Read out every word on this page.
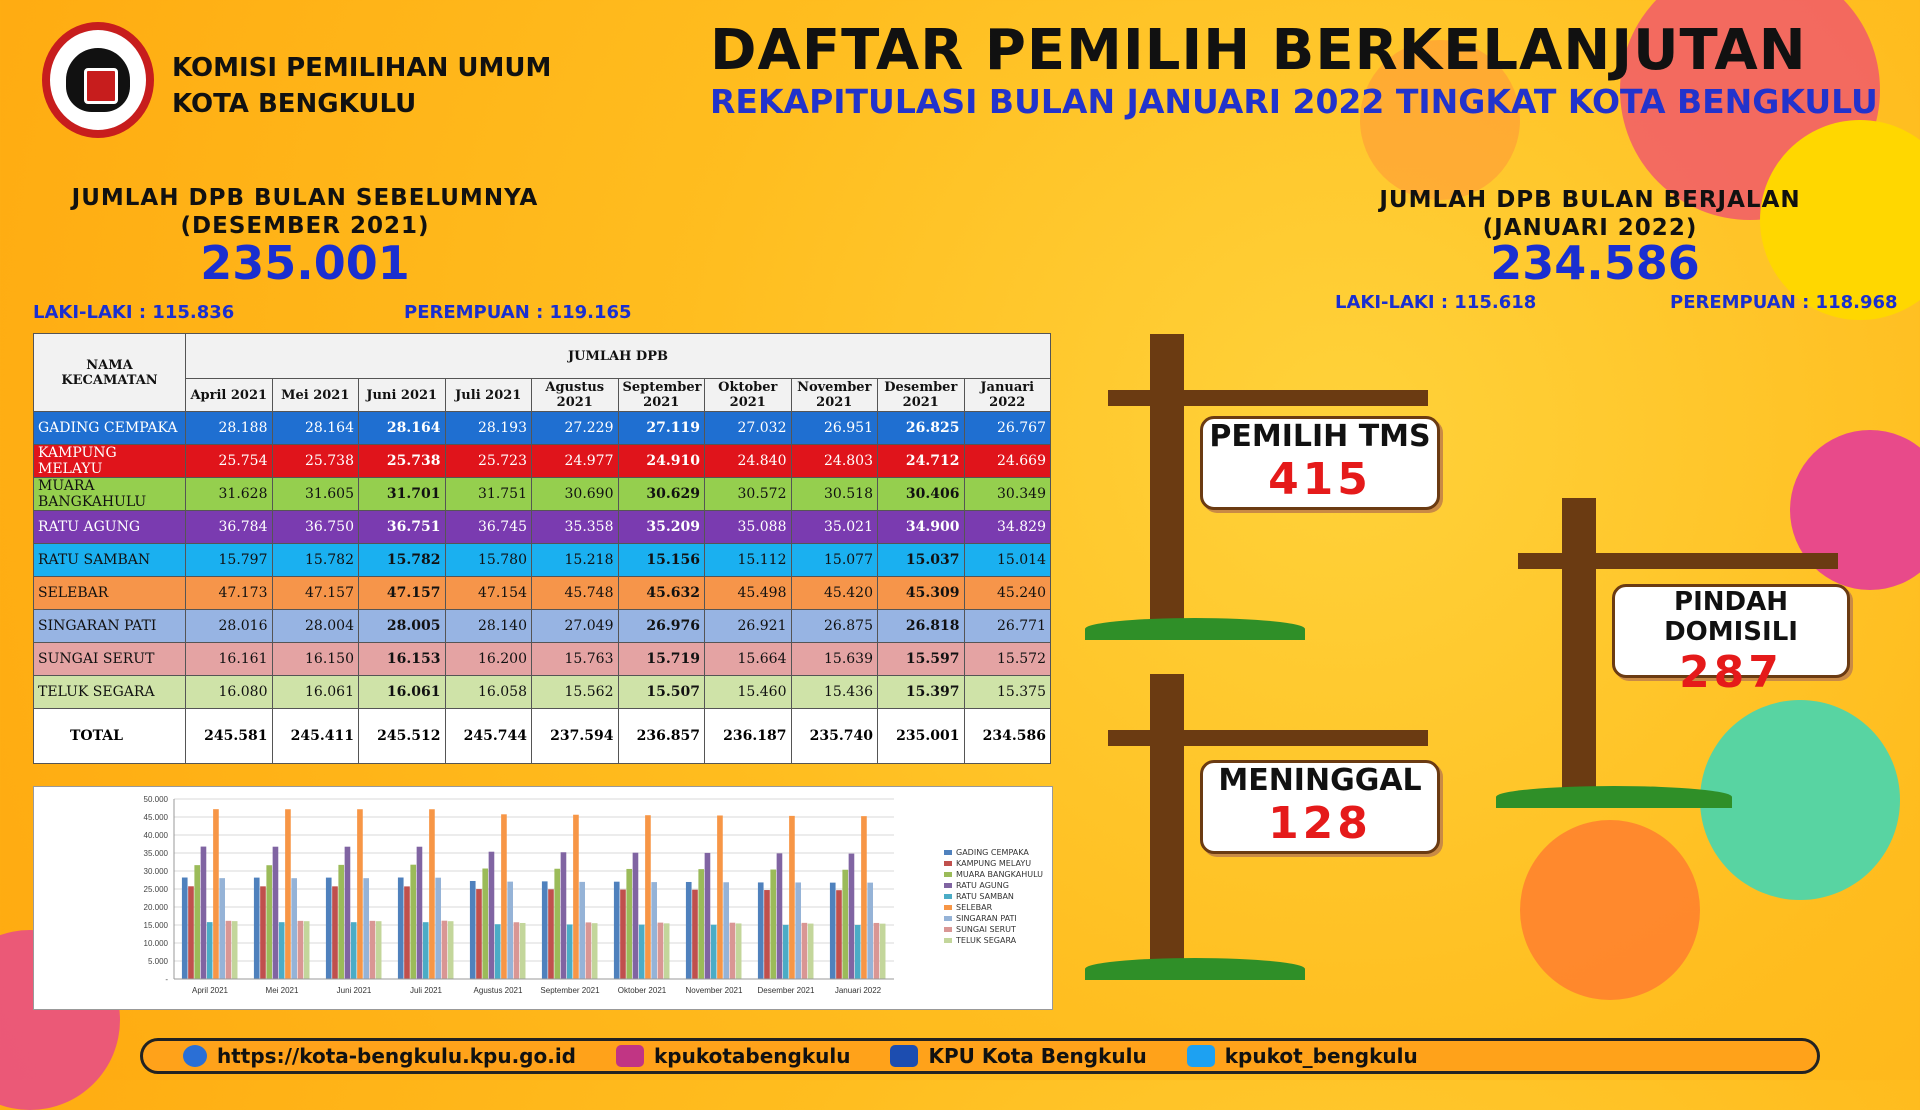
KOMISI PEMILIHAN UMUM
KOTA BENGKULU
DAFTAR PEMILIH BERKELANJUTAN
REKAPITULASI BULAN JANUARI 2022 TINGKAT KOTA BENGKULU
JUMLAH DPB BULAN SEBELUMNYA
(DESEMBER 2021)
235.001
LAKI-LAKI : 115.836	PEREMPUAN : 119.165
JUMLAH DPB BULAN BERJALAN
(JANUARI 2022)
234.586
LAKI-LAKI : 115.618	PEREMPUAN : 118.968
NAMA KECAMATAN	JUMLAH DPB									
	April 2021	Mei 2021	Juni 2021	Juli 2021	Agustus 2021	September 2021	Oktober 2021	November 2021	Desember 2021	Januari 2022
GADING CEMPAKA	28.188	28.164	28.164	28.193	27.229	27.119	27.032	26.951	26.825	26.767
KAMPUNG MELAYU	25.754	25.738	25.738	25.723	24.977	24.910	24.840	24.803	24.712	24.669
MUARA BANGKAHULU	31.628	31.605	31.701	31.751	30.690	30.629	30.572	30.518	30.406	30.349
RATU AGUNG	36.784	36.750	36.751	36.745	35.358	35.209	35.088	35.021	34.900	34.829
RATU SAMBAN	15.797	15.782	15.782	15.780	15.218	15.156	15.112	15.077	15.037	15.014
SELEBAR	47.173	47.157	47.157	47.154	45.748	45.632	45.498	45.420	45.309	45.240
SINGARAN PATI	28.016	28.004	28.005	28.140	27.049	26.976	26.921	26.875	26.818	26.771
SUNGAI SERUT	16.161	16.150	16.153	16.200	15.763	15.719	15.664	15.639	15.597	15.572
TELUK SEGARA	16.080	16.061	16.061	16.058	15.562	15.507	15.460	15.436	15.397	15.375
TOTAL	245.581	245.411	245.512	245.744	237.594	236.857	236.187	235.740	235.001	234.586
-
5.000
10.000
15.000
20.000
25.000
30.000
35.000
40.000
45.000
50.000
April 2021	Mei 2021	Juni 2021	Juli 2021	Agustus 2021 September 2021 Oktober 2021 November 2021 Desember 2021	Januari 2022
GADING CEMPAKA
KAMPUNG MELAYU
MUARA BANGKAHULU
RATU AGUNG
RATU SAMBAN
SELEBAR
SINGARAN PATI
SUNGAI SERUT
TELUK SEGARA
PEMILIH TMS
415
MENINGGAL
128
PINDAH DOMISILI
287
https://kota-bengkulu.kpu.go.id	kpukotabengkulu	KPU Kota Bengkulu	kpukot_bengkulu
